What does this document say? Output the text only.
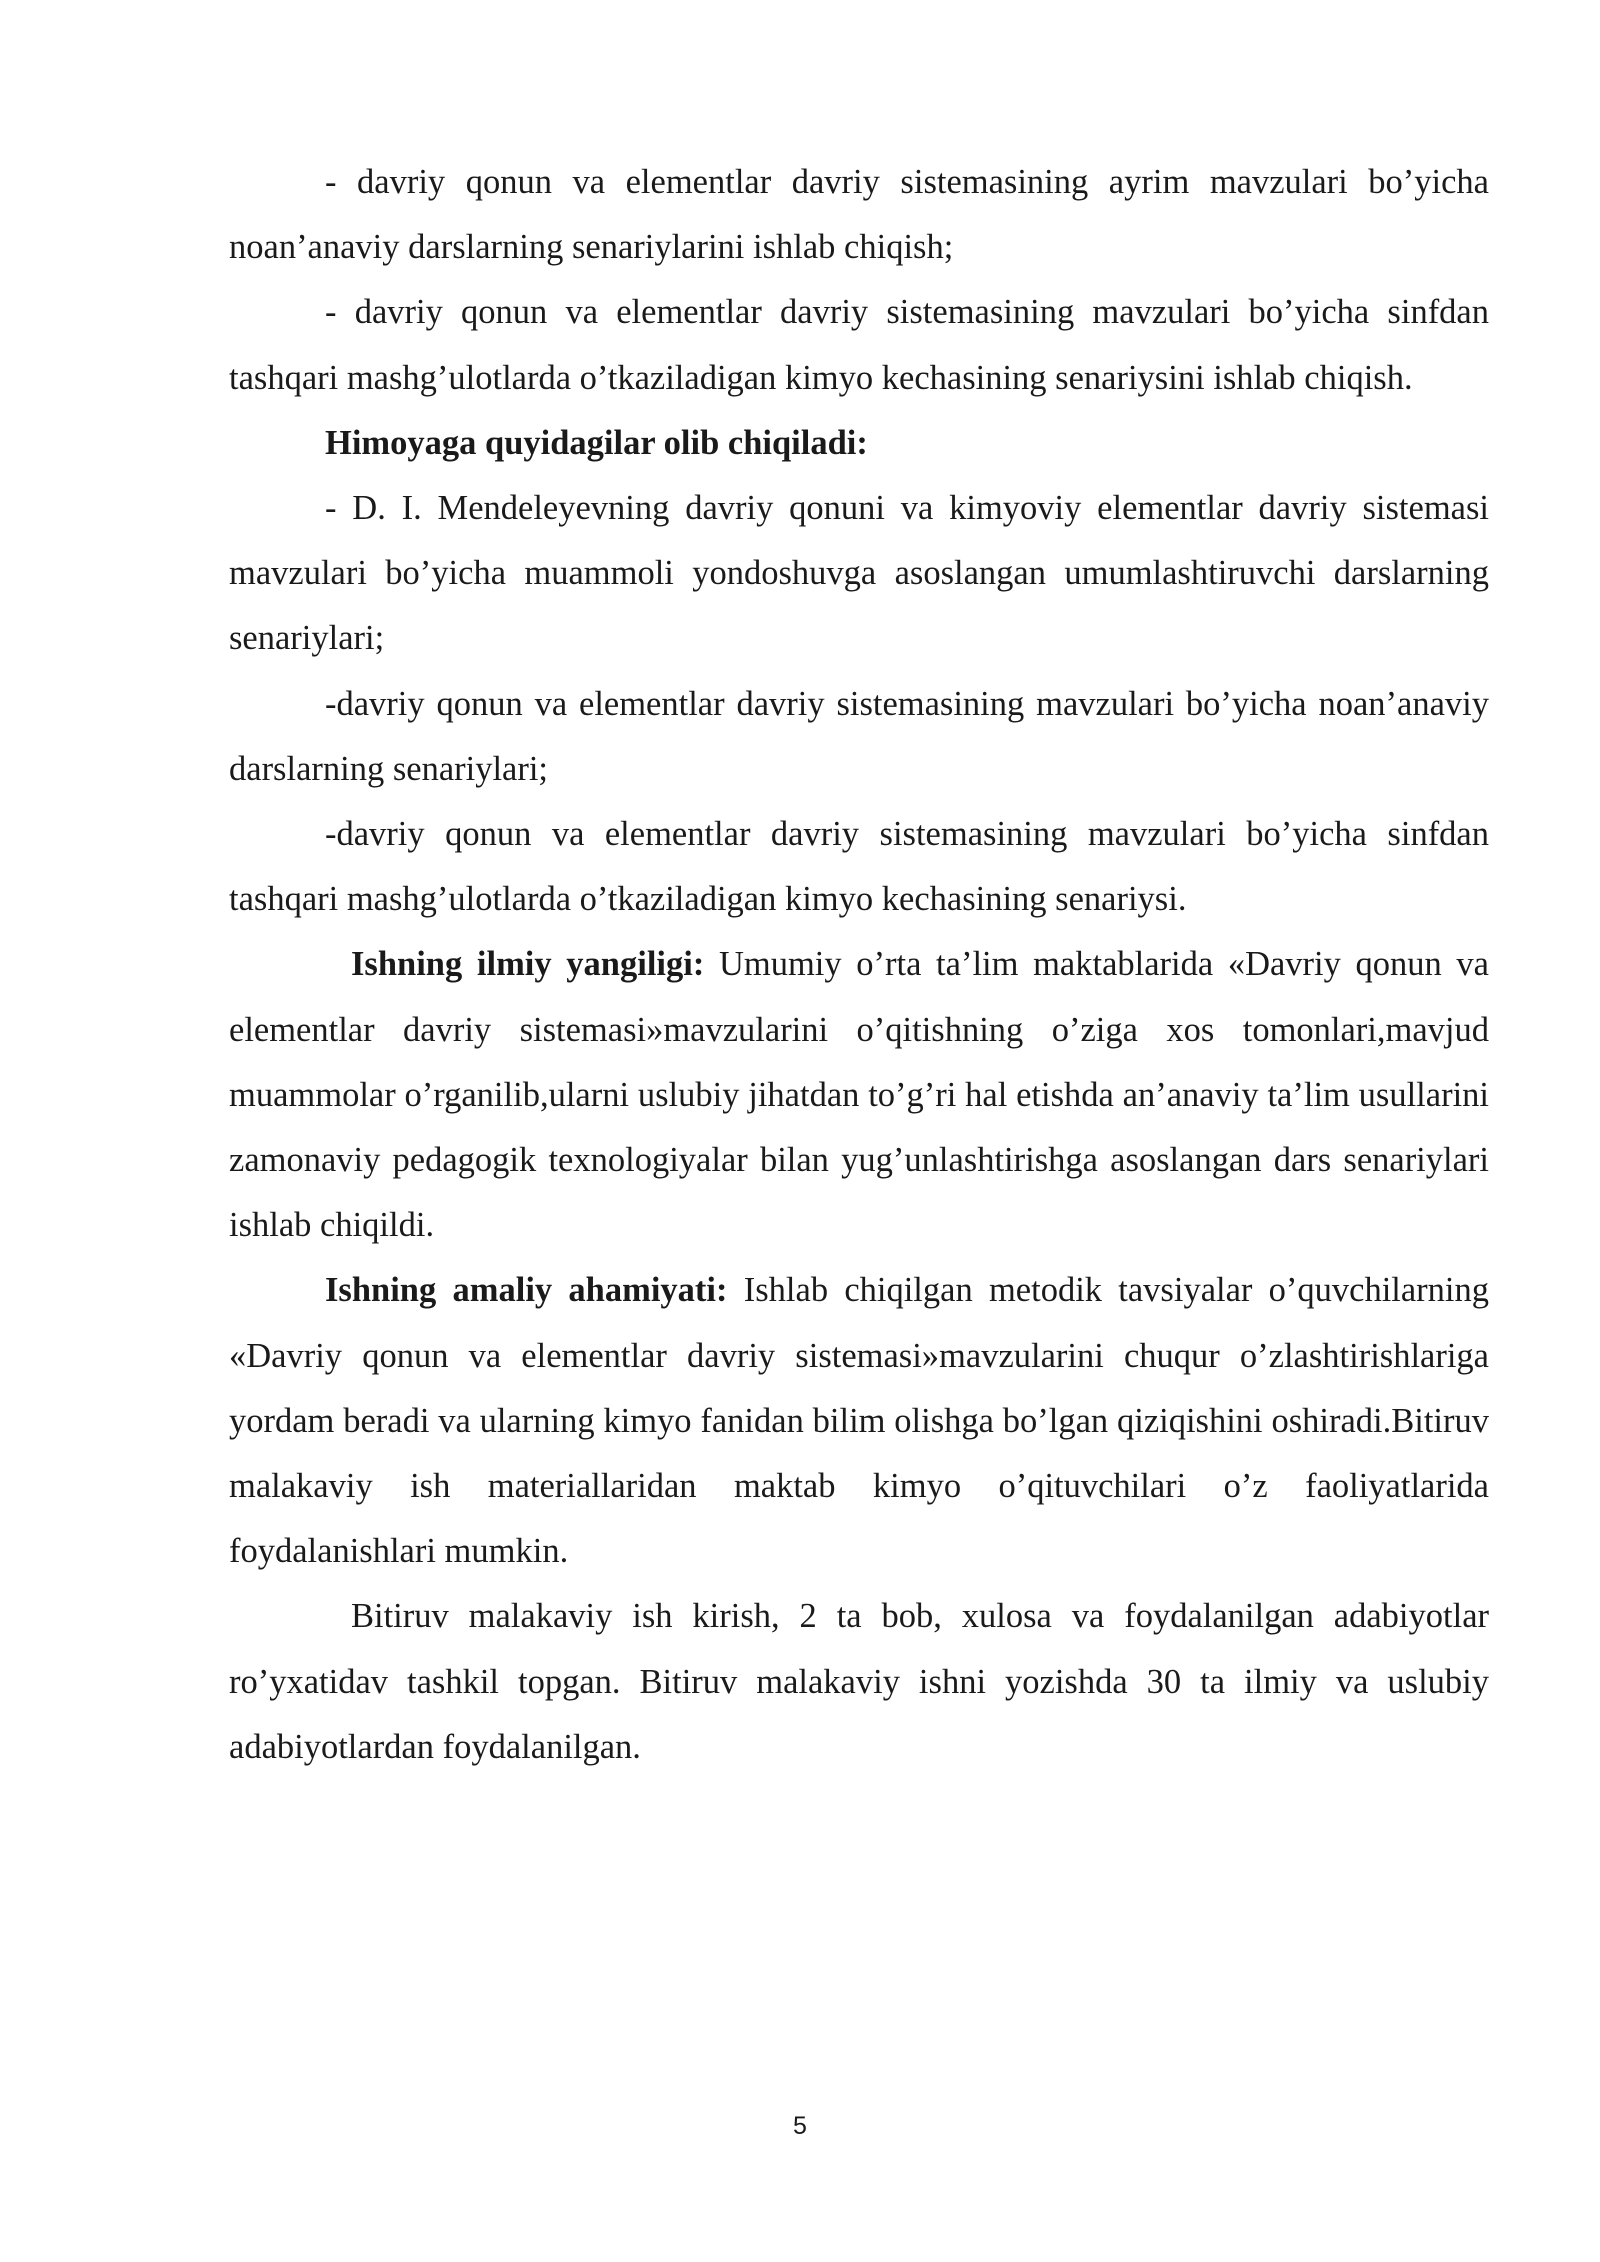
- davriy qonun va elementlar davriy sistemasining ayrim mavzulari bo’yicha noan’anaviy darslarning senariylarini ishlab chiqish;

- davriy qonun va elementlar davriy sistemasining mavzulari bo’yicha sinfdan tashqari mashg’ulotlarda o’tkaziladigan kimyo kechasining senariysini ishlab chiqish.

Himoyaga quyidagilar olib chiqiladi:

- D. I. Mendeleyevning davriy qonuni va kimyoviy elementlar davriy sistemasi mavzulari bo’yicha muammoli yondoshuvga asoslangan umumlashtiruvchi darslarning senariylari;

-davriy qonun va elementlar davriy sistemasining mavzulari bo’yicha noan’anaviy darslarning senariylari;

-davriy qonun va elementlar davriy sistemasining mavzulari bo’yicha sinfdan tashqari mashg’ulotlarda o’tkaziladigan kimyo kechasining senariysi.

Ishning ilmiy yangiligi: Umumiy o’rta ta’lim maktablarida «Davriy qonun va elementlar davriy sistemasi»mavzularini o’qitishning o’ziga xos tomonlari,mavjud muammolar o’rganilib,ularni uslubiy jihatdan to’g’ri hal etishda an’anaviy ta’lim usullarini zamonaviy pedagogik texnologiyalar bilan yug’unlashtirishga asoslangan dars senariylari ishlab chiqildi.

Ishning amaliy ahamiyati: Ishlab chiqilgan metodik tavsiyalar o’quvchilarning «Davriy qonun va elementlar davriy sistemasi»mavzularini chuqur o’zlashtirishlariga yordam beradi va ularning kimyo fanidan bilim olishga bo’lgan qiziqishini oshiradi.Bitiruv malakaviy ish materiallaridan maktab kimyo o’qituvchilari o’z faoliyatlarida foydalanishlari mumkin.

Bitiruv malakaviy ish kirish, 2 ta bob, xulosa va foydalanilgan adabiyotlar ro’yxatidav tashkil topgan. Bitiruv malakaviy ishni yozishda 30 ta ilmiy va uslubiy adabiyotlardan foydalanilgan.

5
